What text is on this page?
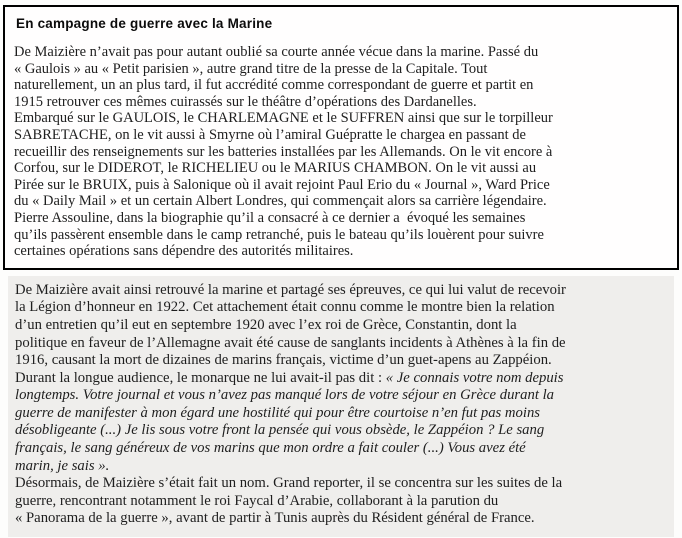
En campagne de guerre avec la Marine
De Maizière n’avait pas pour autant oublié sa courte année vécue dans la marine. Passé du
« Gaulois » au « Petit parisien », autre grand titre de la presse de la Capitale. Tout
naturellement, un an plus tard, il fut accrédité comme correspondant de guerre et partit en
1915 retrouver ces mêmes cuirassés sur le théâtre d’opérations des Dardanelles.
Embarqué sur le GAULOIS, le CHARLEMAGNE et le SUFFREN ainsi que sur le torpilleur
SABRETACHE, on le vit aussi à Smyrne où l’amiral Guépratte le chargea en passant de
recueillir des renseignements sur les batteries installées par les Allemands. On le vit encore à
Corfou, sur le DIDEROT, le RICHELIEU ou le MARIUS CHAMBON. On le vit aussi au
Pirée sur le BRUIX, puis à Salonique où il avait rejoint Paul Erio du « Journal », Ward Price
du « Daily Mail » et un certain Albert Londres, qui commençait alors sa carrière légendaire.
Pierre Assouline, dans la biographie qu’il a consacré à ce dernier a  évoqué les semaines
qu’ils passèrent ensemble dans le camp retranché, puis le bateau qu’ils louèrent pour suivre
certaines opérations sans dépendre des autorités militaires.
De Maizière avait ainsi retrouvé la marine et partagé ses épreuves, ce qui lui valut de recevoir
la Légion d’honneur en 1922. Cet attachement était connu comme le montre bien la relation
d’un entretien qu’il eut en septembre 1920 avec l’ex roi de Grèce, Constantin, dont la
politique en faveur de l’Allemagne avait été cause de sanglants incidents à Athènes à la fin de
1916, causant la mort de dizaines de marins français, victime d’un guet-apens au Zappéion.
Durant la longue audience, le monarque ne lui avait-il pas dit : « Je connais votre nom depuis
longtemps. Votre journal et vous n’avez pas manqué lors de votre séjour en Grèce durant la
guerre de manifester à mon égard une hostilité qui pour être courtoise n’en fut pas moins
désobligeante (...) Je lis sous votre front la pensée qui vous obsède, le Zappéion ? Le sang
français, le sang généreux de vos marins que mon ordre a fait couler (...) Vous avez été
marin, je sais ».
Désormais, de Maizière s’était fait un nom. Grand reporter, il se concentra sur les suites de la
guerre, rencontrant notamment le roi Faycal d’Arabie, collaborant à la parution du
« Panorama de la guerre », avant de partir à Tunis auprès du Résident général de France.
